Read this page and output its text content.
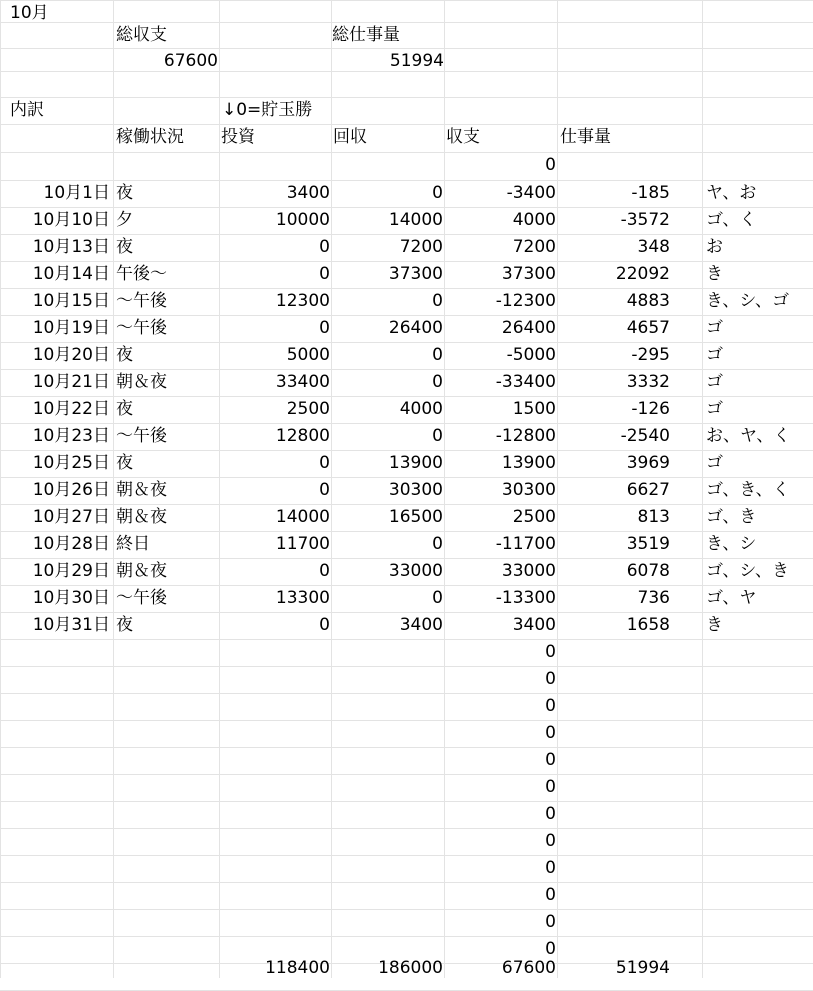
10月
総収支	総仕事量
67600	51994
内訳	↓0=貯玉勝
稼働状況 投資	回収	収支	仕事量
0
10月1日 夜	3400	0	-3400	-185 ヤ、お
10月10日 夕	10000	14000	4000	-3572 ゴ、く
10月13日 夜	0	7200	7200	348 お
10月14日 午後〜	0	37300	37300	22092 き
10月15日 〜午後	12300	0	-12300	4883 き、シ、ゴ
10月19日 〜午後	0	26400	26400	4657 ゴ
10月20日 夜	5000	0	-5000	-295 ゴ
10月21日 朝＆夜	33400	0	-33400	3332 ゴ
10月22日 夜	2500	4000	1500	-126 ゴ
10月23日 〜午後	12800	0	-12800	-2540 お、ヤ、く
10月25日 夜	0	13900	13900	3969 ゴ
10月26日 朝＆夜	0	30300	30300	6627 ゴ、き、く
10月27日 朝＆夜	14000	16500	2500	813 ゴ、き
10月28日 終日	11700	0	-11700	3519 き、シ
10月29日 朝＆夜	0	33000	33000	6078 ゴ、シ、き
10月30日 〜午後	13300	0	-13300	736 ゴ、ヤ
10月31日 夜	0	3400	3400	1658 き
0
0
0
0
0
0
0
0
0
0
0
0
118400	186000	67600	51994
